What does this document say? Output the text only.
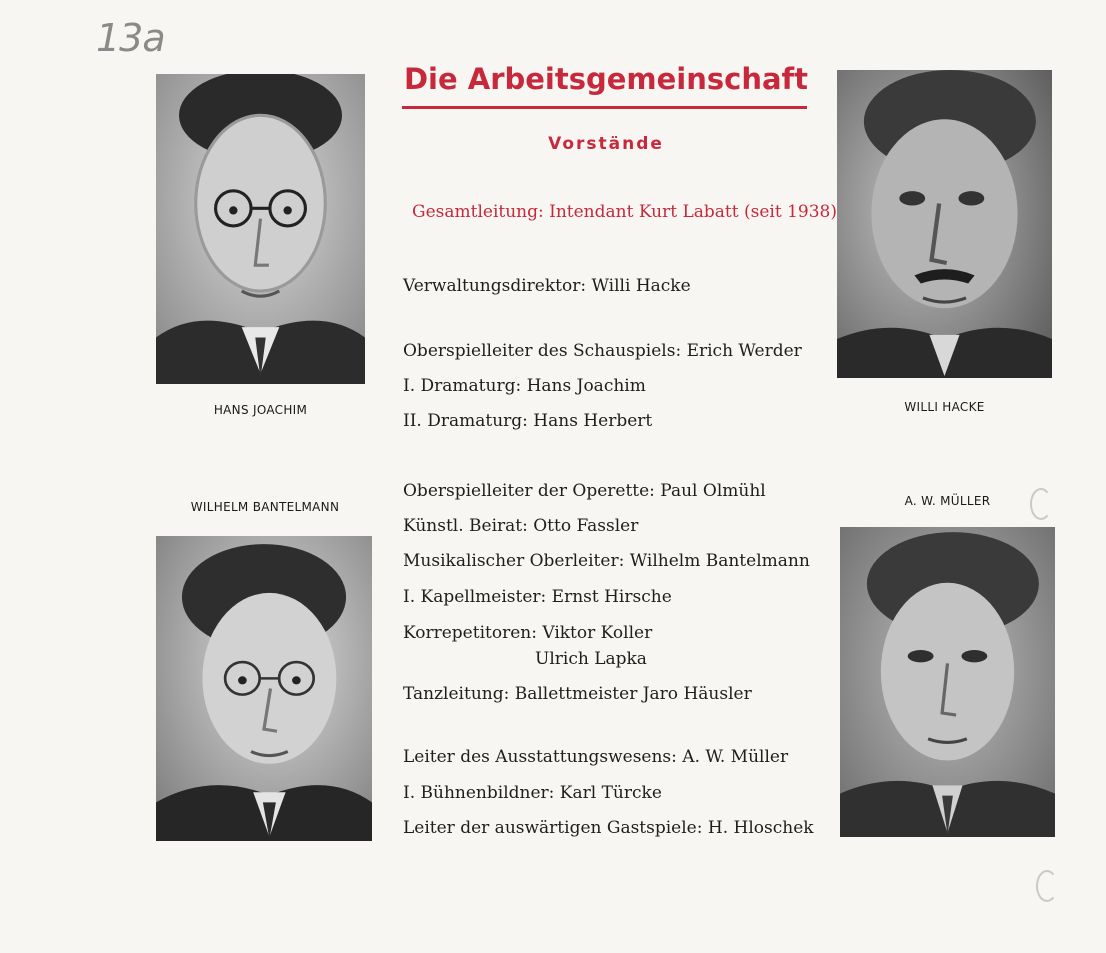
13a
Die Arbeitsgemeinschaft
Vorstände
Gesamtleitung: Intendant Kurt Labatt (seit 1938)
Verwaltungsdirektor: Willi Hacke
Oberspielleiter des Schauspiels: Erich Werder
I. Dramaturg: Hans Joachim
II. Dramaturg: Hans Herbert
Oberspielleiter der Operette: Paul Olmühl
Künstl. Beirat: Otto Fassler
Musikalischer Oberleiter: Wilhelm Bantelmann
I. Kapellmeister: Ernst Hirsche
Korrepetitoren: Viktor Koller
Ulrich Lapka
Tanzleitung: Ballettmeister Jaro Häusler
Leiter des Ausstattungswesens: A. W. Müller
I. Bühnenbildner: Karl Türcke
Leiter der auswärtigen Gastspiele: H. Hloschek
HANS JOACHIM	WILLI HACKE
WILHELM BANTELMANN	A. W. MÜLLER
